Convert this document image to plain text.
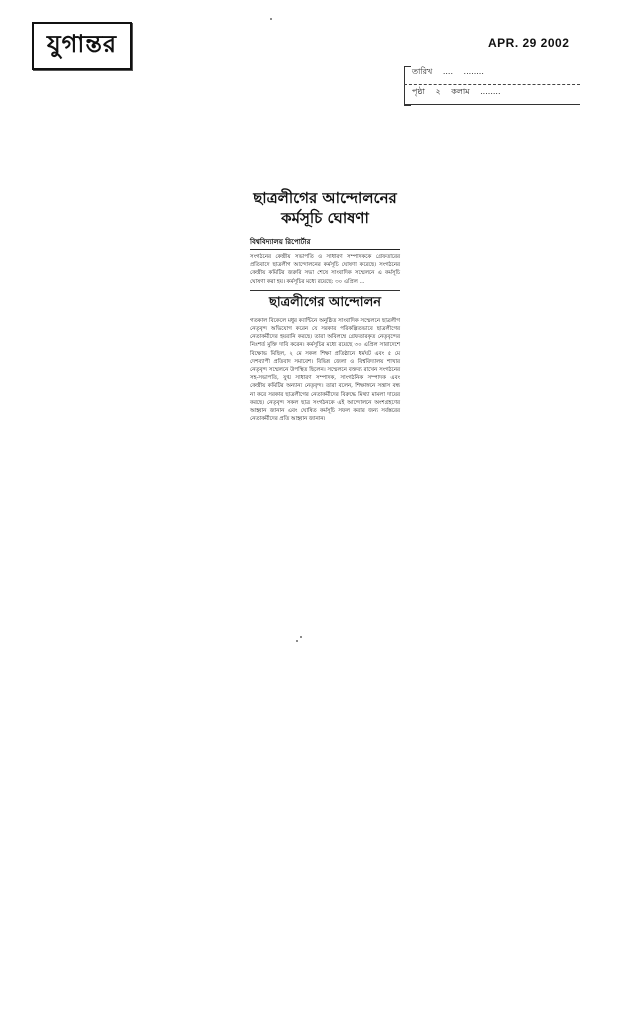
যুগান্তর	APR. 29 2002
তারিখ .... ........
পৃষ্ঠা ২ কলাম ........
ছাত্রলীগের আন্দোলনের
কর্মসূচি ঘোষণা
বিশ্ববিদ্যালয় রিপোর্টার

সংগঠনের কেন্দ্রীয় সভাপতি ও সাধারণ সম্পাদককে গ্রেফতারের প্রতিবাদে ছাত্রলীগ আন্দোলনের কর্মসূচি ঘোষণা করেছে। সংগঠনের কেন্দ্রীয় কমিটির জরুরি সভা শেষে সাংবাদিক সম্মেলনে এ কর্মসূচি ঘোষণা করা হয়। কর্মসূচির মধ্যে রয়েছে: ৩০ এপ্রিল ...

ছাত্রলীগের আন্দোলন

গতকাল বিকেলে মধুর ক্যান্টিনে অনুষ্ঠিত সাংবাদিক সম্মেলনে ছাত্রলীগ নেতৃবৃন্দ অভিযোগ করেন যে সরকার পরিকল্পিতভাবে ছাত্রলীগের নেতাকর্মীদের হয়রানি করছে। তারা অবিলম্বে গ্রেফতারকৃত নেতৃবৃন্দের নিঃশর্ত মুক্তি দাবি করেন। কর্মসূচির মধ্যে রয়েছে ৩০ এপ্রিল সারাদেশে বিক্ষোভ মিছিল, ২ মে সকল শিক্ষা প্রতিষ্ঠানে ধর্মঘট এবং ৫ মে দেশব্যাপী প্রতিবাদ সমাবেশ। বিভিন্ন জেলা ও বিশ্ববিদ্যালয় শাখার নেতৃবৃন্দ সম্মেলনে উপস্থিত ছিলেন। সম্মেলনে বক্তব্য রাখেন সংগঠনের সহ-সভাপতি, যুগ্ম সাধারণ সম্পাদক, সাংগঠনিক সম্পাদক এবং কেন্দ্রীয় কমিটির অন্যান্য নেতৃবৃন্দ। তারা বলেন, শিক্ষাঙ্গনে সন্ত্রাস বন্ধ না করে সরকার ছাত্রলীগের নেতাকর্মীদের বিরুদ্ধে মিথ্যা মামলা দায়ের করছে। নেতৃবৃন্দ সকল ছাত্র সংগঠনকে এই আন্দোলনে অংশগ্রহণের আহ্বান জানান এবং ঘোষিত কর্মসূচি সফল করার জন্য সর্বস্তরের নেতাকর্মীদের প্রতি আহ্বান জানান।
